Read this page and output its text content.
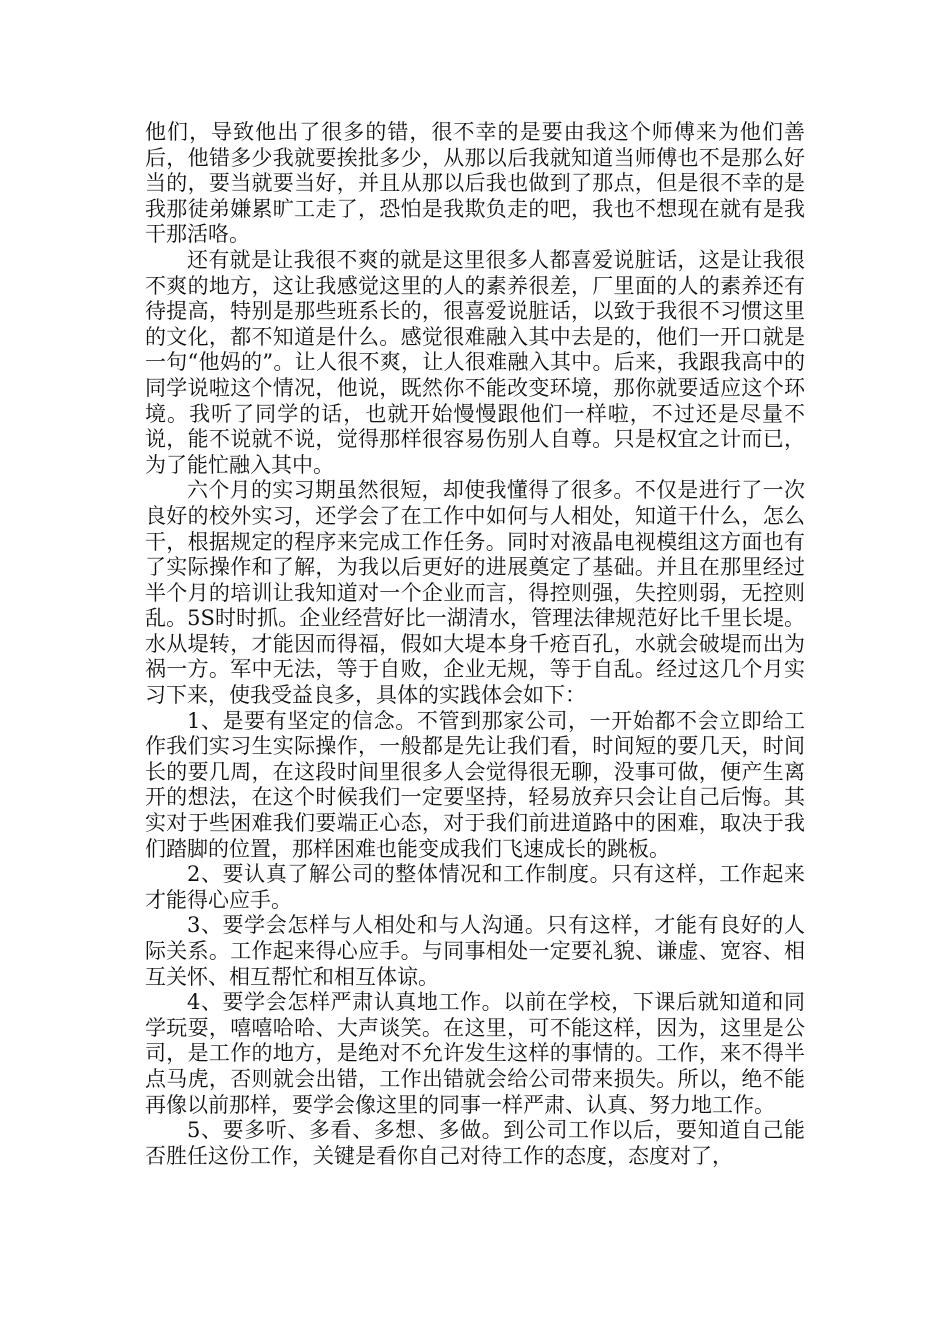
他们，导致他出了很多的错，很不幸的是要由我这个师傅来为他们善后，他错多少我就要挨批多少，从那以后我就知道当师傅也不是那么好当的，要当就要当好，并且从那以后我也做到了那点，但是很不幸的是我那徒弟嫌累旷工走了，恐怕是我欺负走的吧，我也不想现在就有是我干那活咯。

还有就是让我很不爽的就是这里很多人都喜爱说脏话，这是让我很不爽的地方，这让我感觉这里的人的素养很差，厂里面的人的素养还有待提高，特别是那些班系长的，很喜爱说脏话，以致于我很不习惯这里的文化，都不知道是什么。感觉很难融入其中去是的，他们一开口就是一句“他妈的”。让人很不爽，让人很难融入其中。后来，我跟我高中的同学说啦这个情况，他说，既然你不能改变环境，那你就要适应这个环境。我听了同学的话，也就开始慢慢跟他们一样啦，不过还是尽量不说，能不说就不说，觉得那样很容易伤别人自尊。只是权宜之计而已，为了能忙融入其中。

六个月的实习期虽然很短，却使我懂得了很多。不仅是进行了一次良好的校外实习，还学会了在工作中如何与人相处，知道干什么，怎么干，根据规定的程序来完成工作任务。同时对液晶电视模组这方面也有了实际操作和了解，为我以后更好的进展奠定了基础。并且在那里经过半个月的培训让我知道对一个企业而言，得控则强，失控则弱，无控则乱。5S时时抓。企业经营好比一湖清水，管理法律规范好比千里长堤。水从堤转，才能因而得福，假如大堤本身千疮百孔，水就会破堤而出为祸一方。军中无法，等于自败，企业无规，等于自乱。经过这几个月实习下来，使我受益良多，具体的实践体会如下：

1、是要有坚定的信念。不管到那家公司，一开始都不会立即给工作我们实习生实际操作，一般都是先让我们看，时间短的要几天，时间长的要几周，在这段时间里很多人会觉得很无聊，没事可做，便产生离开的想法，在这个时候我们一定要坚持，轻易放弃只会让自己后悔。其实对于些困难我们要端正心态，对于我们前进道路中的困难，取决于我们踏脚的位置，那样困难也能变成我们飞速成长的跳板。

2、要认真了解公司的整体情况和工作制度。只有这样，工作起来才能得心应手。

3、要学会怎样与人相处和与人沟通。只有这样，才能有良好的人际关系。工作起来得心应手。与同事相处一定要礼貌、谦虚、宽容、相互关怀、相互帮忙和相互体谅。

4、要学会怎样严肃认真地工作。以前在学校，下课后就知道和同学玩耍，嘻嘻哈哈、大声谈笑。在这里，可不能这样，因为，这里是公司，是工作的地方，是绝对不允许发生这样的事情的。工作，来不得半点马虎，否则就会出错，工作出错就会给公司带来损失。所以，绝不能再像以前那样，要学会像这里的同事一样严肃、认真、努力地工作。

5、要多听、多看、多想、多做。到公司工作以后，要知道自己能否胜任这份工作，关键是看你自己对待工作的态度，态度对了，
